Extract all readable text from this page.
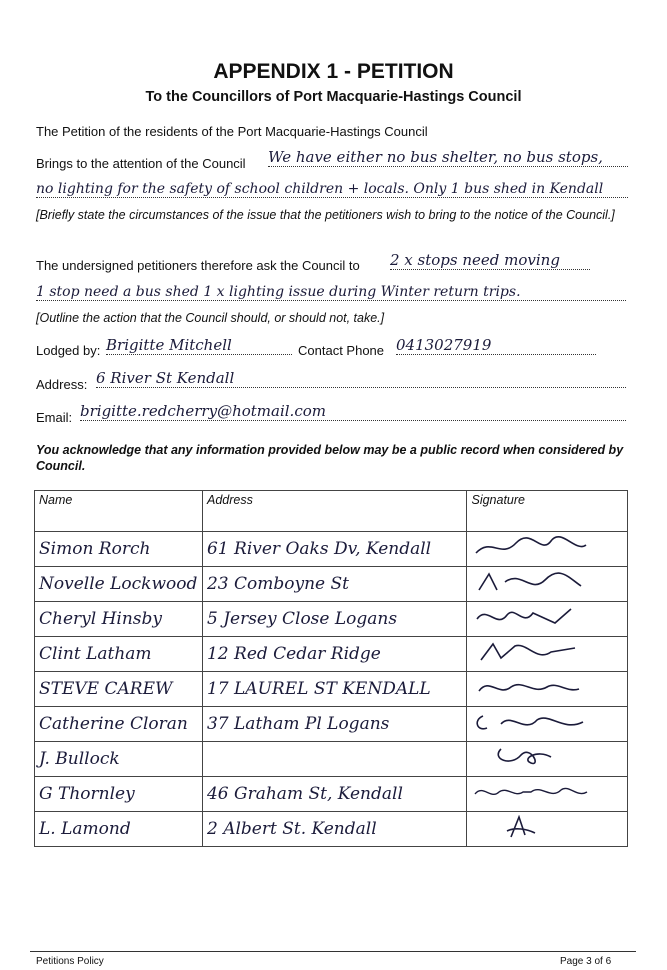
APPENDIX 1 - PETITION
To the Councillors of Port Macquarie-Hastings Council
The Petition of the residents of the Port Macquarie-Hastings Council
Brings to the attention of the Council We have either no bus shelter, no bus stops,
no lighting for the safety of school children + locals. Only 1 bus shed in Kendall
[Briefly state the circumstances of the issue that the petitioners wish to bring to the notice of the Council.]
The undersigned petitioners therefore ask the Council to 2 x stops need moving
1 stop need a bus shed 1 x lighting issue during Winter return trips.
[Outline the action that the Council should, or should not, take.]
Lodged by: Brigitte Mitchell	Contact Phone 0413027919
Address: 6 River St Kendall
Email: brigitte.redcherry@hotmail.com
You acknowledge that any information provided below may be a public record when considered by Council.
Name	Address	Signature
Simon Rorch	61 River Oaks Dv, Kendall	
Novelle Lockwood	23 Comboyne St	
Cheryl Hinsby	5 Jersey Close Logans	
Clint Latham	12 Red Cedar Ridge	
STEVE CAREW	17 LAUREL ST KENDALL	
Catherine Cloran	37 Latham Pl Logans	
J. Bullock		
G Thornley	46 Graham St, Kendall	
L. Lamond	2 Albert St. Kendall	
Petitions Policy	Page 3 of 6
